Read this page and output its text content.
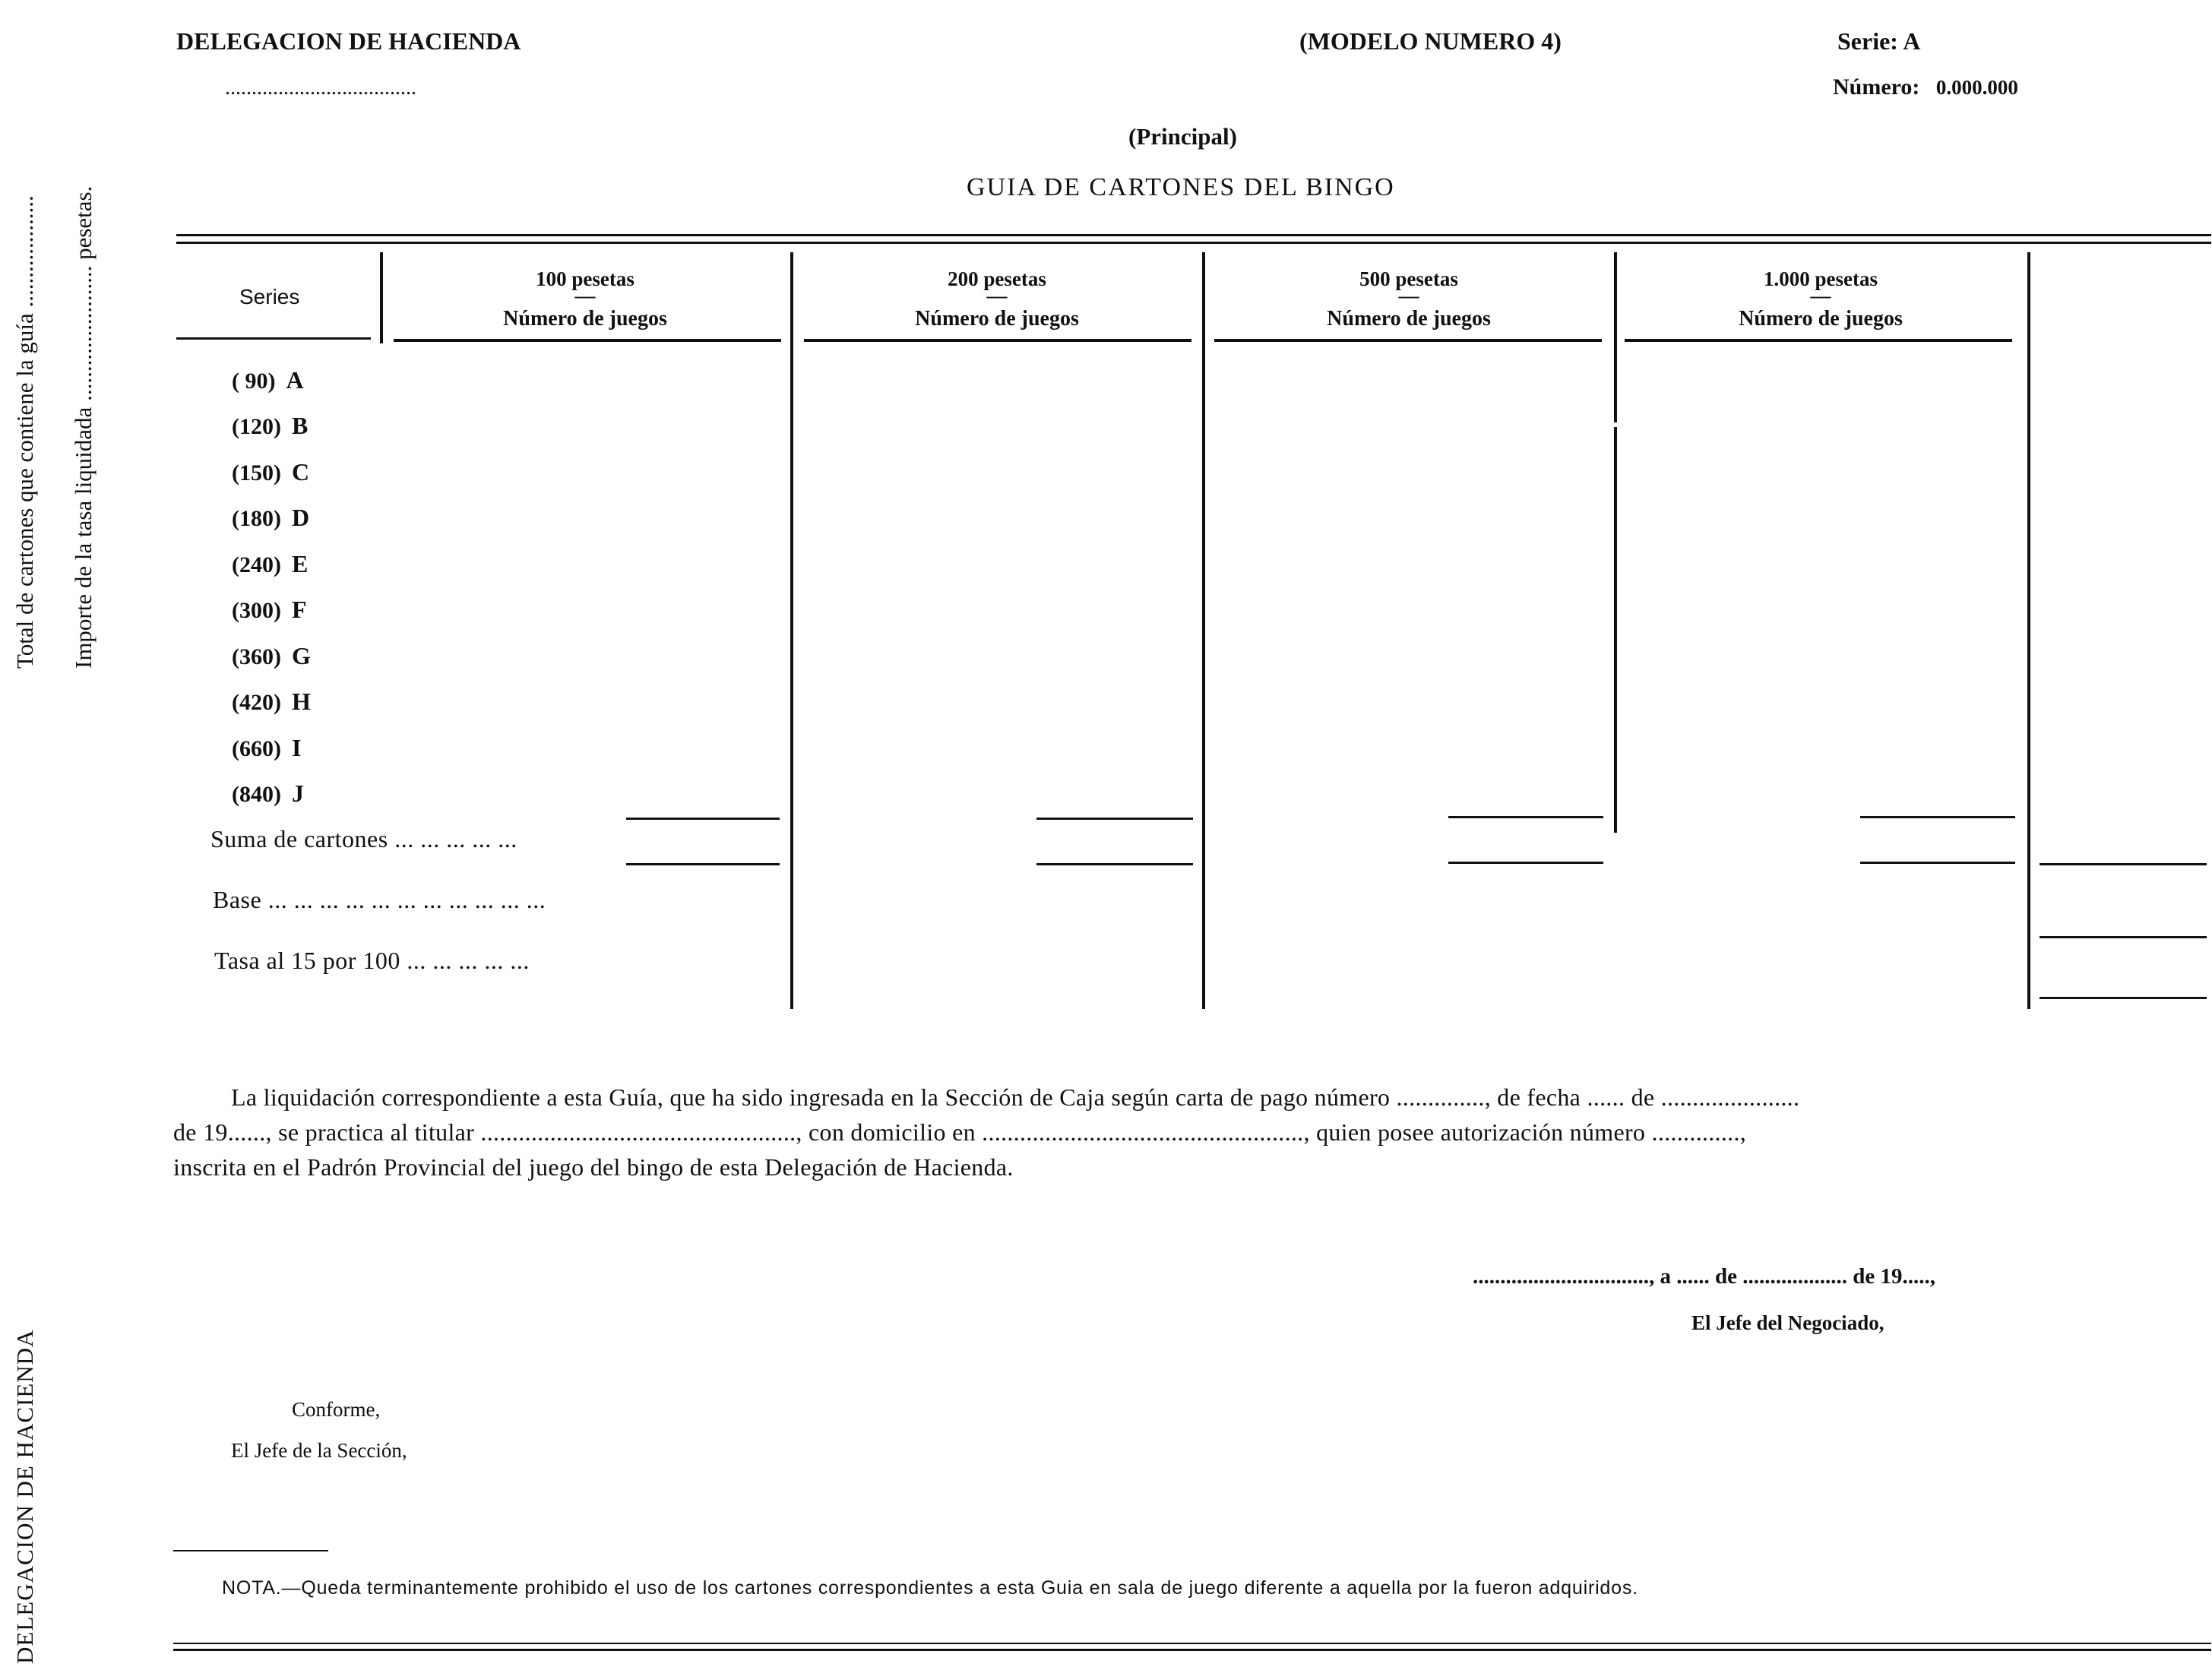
Total de cartones que contiene la guía ................... Importe de la tasa liquidada ....................... pesetas.
DELEGACION DE HACIENDA
DELEGACION DE HACIENDA
....................................
(MODELO NUMERO 4)	Serie: A
Número: 0.000.000
(Principal)
GUIA DE CARTONES DEL BINGO
Series
100 pesetas
—
Número de juegos
200 pesetas
—
Número de juegos
500 pesetas
—
Número de juegos
1.000 pesetas
—
Número de juegos
( 90) A
(120) B
(150) C
(180) D
(240) E
(300) F
(360) G
(420) H
(660) I
(840) J
Suma de cartones ... ... ... ... ...
Base ... ... ... ... ... ... ... ... ... ... ...
Tasa al 15 por 100 ... ... ... ... ...
La liquidación correspondiente a esta Guía, que ha sido ingresada en la Sección de Caja según carta de pago número .............., de fecha ...... de ......................
de 19......, se practica al titular .................................................., con domicilio en ..................................................., quien posee autorización número ..............,
inscrita en el Padrón Provincial del juego del bingo de esta Delegación de Hacienda.
................................, a ...... de ................... de 19.....,
El Jefe del Negociado,
Conforme,
El Jefe de la Sección,
NOTA.—Queda terminantemente prohibido el uso de los cartones correspondientes a esta Guia en sala de juego diferente a aquella por la fueron adquiridos.
